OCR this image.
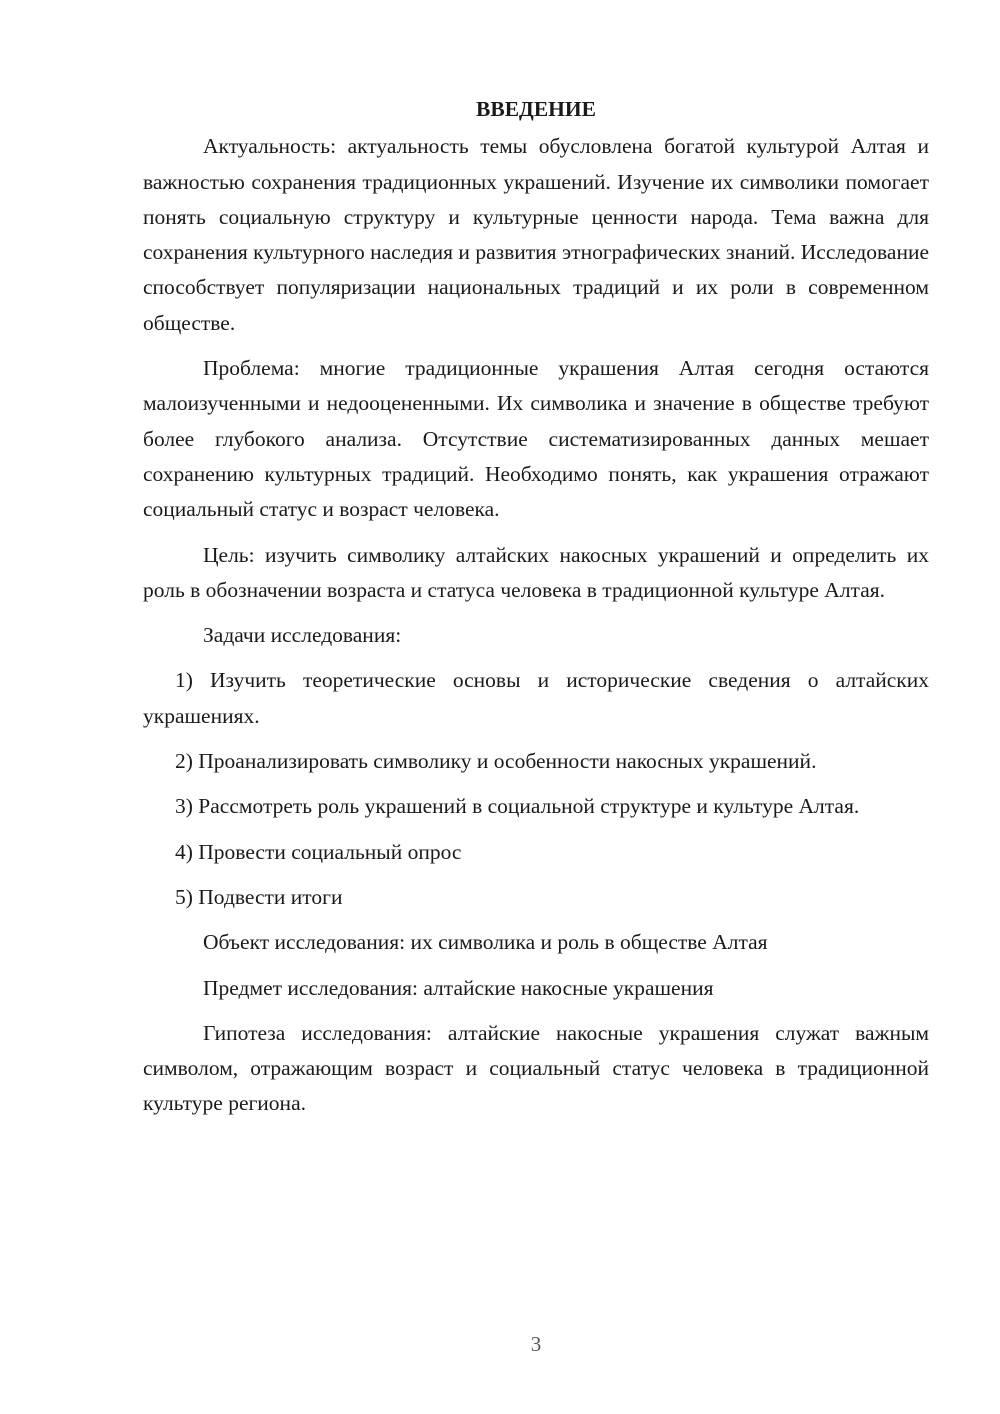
ВВЕДЕНИЕ

Актуальность: актуальность темы обусловлена богатой культурой Алтая и важностью сохранения традиционных украшений. Изучение их символики помогает понять социальную структуру и культурные ценности народа. Тема важна для сохранения культурного наследия и развития этнографических знаний. Исследование способствует популяризации национальных традиций и их роли в современном обществе.

Проблема: многие традиционные украшения Алтая сегодня остаются малоизученными и недооцененными. Их символика и значение в обществе требуют более глубокого анализа. Отсутствие систематизированных данных мешает сохранению культурных традиций. Необходимо понять, как украшения отражают социальный статус и возраст человека.

Цель: изучить символику алтайских накосных украшений и определить их роль в обозначении возраста и статуса человека в традиционной культуре Алтая.

Задачи исследования:

1) Изучить теоретические основы и исторические сведения о алтайских украшениях.

2) Проанализировать символику и особенности накосных украшений.

3) Рассмотреть роль украшений в социальной структуре и культуре Алтая.

4) Провести социальный опрос

5) Подвести итоги

Объект исследования: их символика и роль в обществе Алтая

Предмет исследования: алтайские накосные украшения

Гипотеза исследования: алтайские накосные украшения служат важным символом, отражающим возраст и социальный статус человека в традиционной культуре региона.

3
